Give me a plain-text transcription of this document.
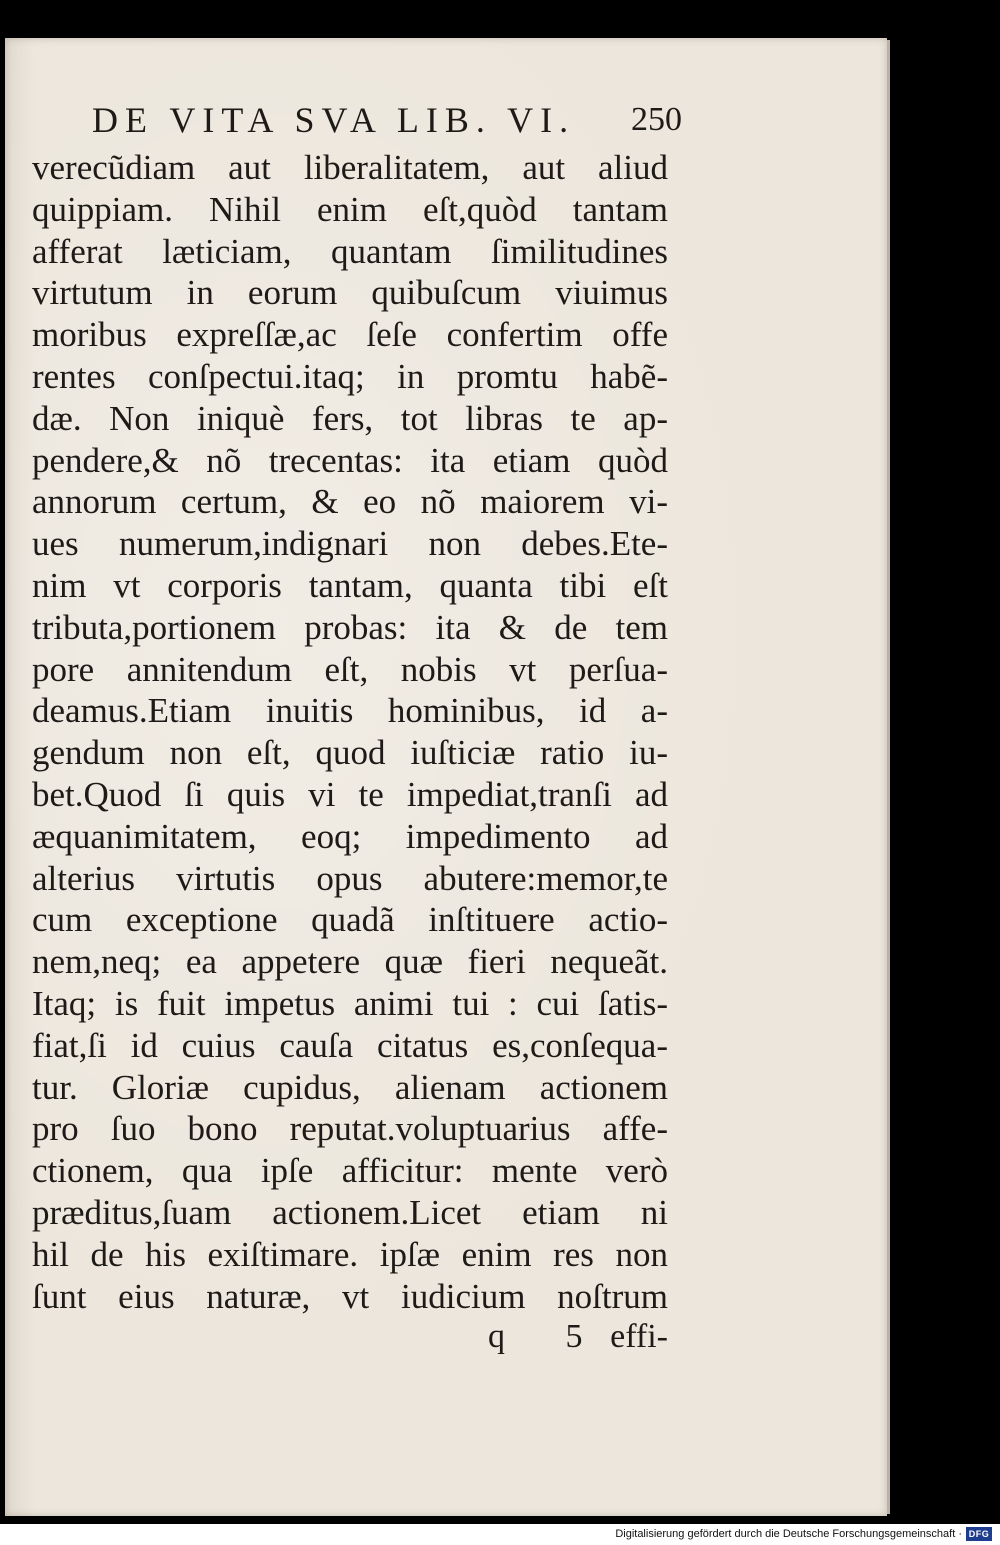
DE VITA SVA LIB. VI. 250
verecũdiam aut liberalitatem, aut aliud
quippiam. Nihil enim eſt,quòd tantam
afferat læticiam, quantam ſimilitudines
virtutum in eorum quibuſcum viuimus
moribus expreſſæ,ac ſeſe confertim offe
rentes conſpectui.itaq; in promtu habẽ-
dæ. Non iniquè fers, tot libras te ap-
pendere,& nõ trecentas: ita etiam quòd
annorum certum, & eo nõ maiorem vi-
ues numerum,indignari non debes.Ete-
nim vt corporis tantam, quanta tibi eſt
tributa,portionem probas: ita & de tem
pore annitendum eſt, nobis vt perſua-
deamus.Etiam inuitis hominibus, id a-
gendum non eſt, quod iuſticiæ ratio iu-
bet.Quod ſi quis vi te impediat,tranſi ad
æquanimitatem, eoq; impedimento ad
alterius virtutis opus abutere:memor,te
cum exceptione quadã inſtituere actio-
nem,neq; ea appetere quæ fieri nequeãt.
Itaq; is fuit impetus animi tui : cui ſatis-
fiat,ſi id cuius cauſa citatus es,conſequa-
tur. Gloriæ cupidus, alienam actionem
pro ſuo bono reputat.voluptuarius affe-
ctionem, qua ipſe afficitur: mente verò
præditus,ſuam actionem.Licet etiam ni
hil de his exiſtimare. ipſæ enim res non
ſunt eius naturæ, vt iudicium noſtrum
q 5 effi-
Digitalisierung gefördert durch die Deutsche Forschungsgemeinschaft · DFG
